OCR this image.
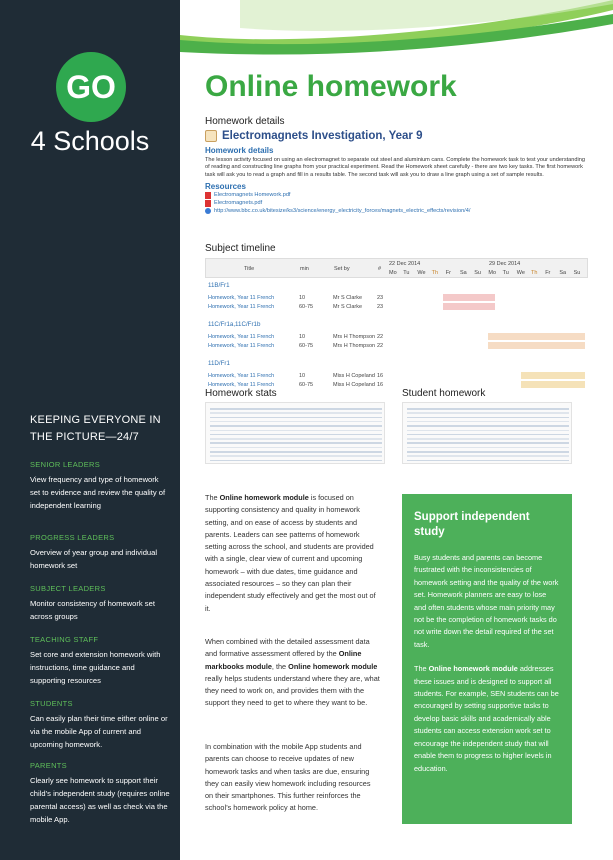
GO
4 Schools
KEEPING EVERYONE IN THE PICTURE—24/7
SENIOR LEADERS
View frequency and type of homework set to evidence and review the quality of independent learning
PROGRESS LEADERS
Overview of year group and individual homework set
SUBJECT LEADERS
Monitor consistency of homework set across groups
TEACHING STAFF
Set core and extension homework with instructions, time guidance and supporting resources
STUDENTS
Can easily plan their time either online or via the mobile App of current and upcoming homework.
PARENTS
Clearly see homework to support their child’s independent study (requires online parental access) as well as check via the mobile App.
Online homework
Homework details
Electromagnets Investigation, Year 9
Homework details
The lesson activity focused on using an electromagnet to separate out steel and aluminium cans. Complete the homework task to test your understanding of reading and constructing line graphs from your practical experiment. Read the Homework sheet carefully - there are two key tasks. The first homework task will ask you to read a graph and fill in a results table. The second task will ask you to draw a line graph using a set of sample results.
Resources
Electromagnets Homework.pdf
Electromagnets.pdf
http://www.bbc.co.uk/bitesize/ks3/science/energy_electricity_forces/magnets_electric_effects/revision/4/
Subject timeline
Title	min	Set by	#
22 Dec 2014	29 Dec 2014
Mo Tu We Th Fr Sa Su Mo Tu We Th Fr Sa Su
11B/Fr1
Homework, Year 11 French	10	Mr S Clarke	23
Homework, Year 11 French	60-75	Mr S Clarke	23
11C/Fr1a,11C/Fr1b
Homework, Year 11 French	10	Mrs H Thompson 22
Homework, Year 11 French	60-75	Mrs H Thompson 22
11D/Fr1
Homework, Year 11 French	10	Miss H Copeland 16
Homework, Year 11 French	60-75	Miss H Copeland 16
Homework stats	Student homework
The Online homework module is focused on supporting consistency and quality in homework setting, and on ease of access by students and parents. Leaders can see patterns of homework setting across the school, and students are provided with a single, clear view of current and upcoming homework – with due dates, time guidance and associated resources – so they can plan their independent study effectively and get the most out of it.
When combined with the detailed assessment data and formative assessment offered by the Online markbooks module, the Online homework module really helps students understand where they are, what they need to work on, and provides them with the support they need to get to where they want to be.
In combination with the mobile App students and parents can choose to receive updates of new homework tasks and when tasks are due, ensuring they can easily view homework including resources on their smartphones. This further reinforces the school’s homework policy at home.
Support independent study
Busy students and parents can become frustrated with the inconsistencies of homework setting and the quality of the work set. Homework planners are easy to lose and often students whose main priority may not be the completion of homework tasks do not write down the detail required of the set task.
The Online homework module addresses these issues and is designed to support all students. For example, SEN students can be encouraged by setting supportive tasks to develop basic skills and academically able students can access extension work set to encourage the independent study that will enable them to progress to higher levels in education.
